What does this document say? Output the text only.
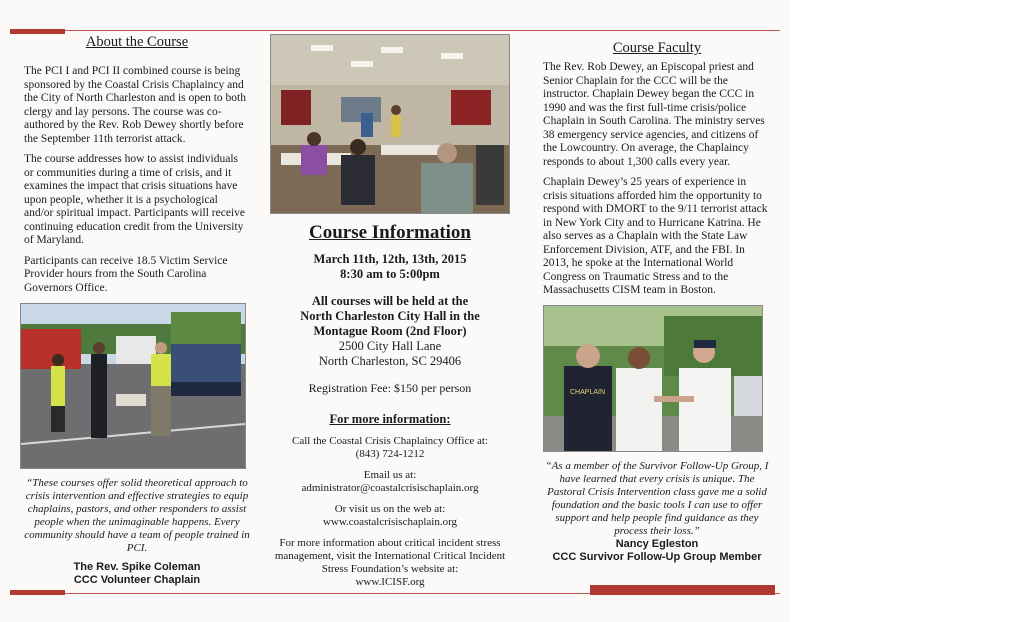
About the Course

The PCI I and PCI II combined course is being sponsored by the Coastal Crisis Chaplaincy and the City of North Charleston and is open to both clergy and lay persons. The course was co-authored by the Rev. Rob Dewey shortly before the September 11th terrorist attack.

The course addresses how to assist individuals or communities during a time of crisis, and it examines the impact that crisis situations have upon people, whether it is a psychological and/or spiritual impact. Participants will receive continuing education credit from the University of Maryland.

Participants can receive 18.5 Victim Service Provider hours from the South Carolina Governors Office.

“These courses offer solid theoretical approach to crisis intervention and effective strategies to equip chaplains, pastors, and other responders to assist people when the unimaginable happens. Every community should have a team of people trained in PCI.
The Rev. Spike Coleman
CCC Volunteer Chaplain
Course Information
March 11th, 12th, 13th, 2015
8:30 am to 5:00pm
All courses will be held at the
North Charleston City Hall in the
Montague Room (2nd Floor)
2500 City Hall Lane
North Charleston, SC 29406
Registration Fee: $150 per person
For more information:
Call the Coastal Crisis Chaplaincy Office at:
(843) 724-1212
Email us at:
administrator@coastalcrisischaplain.org
Or visit us on the web at:
www.coastalcrisischaplain.org
For more information about critical incident stress management, visit the International Critical Incident Stress Foundation’s website at:
www.ICISF.org
Course Faculty

The Rev. Rob Dewey, an Episcopal priest and Senior Chaplain for the CCC will be the instructor. Chaplain Dewey began the CCC in 1990 and was the first full-time crisis/police Chaplain in South Carolina. The ministry serves 38 emergency service agencies, and citizens of the Lowcountry. On average, the Chaplaincy responds to about 1,300 calls every year.

Chaplain Dewey’s 25 years of experience in crisis situations afforded him the opportunity to respond with DMORT to the 9/11 terrorist attack in New York City and to Hurricane Katrina. He also serves as a Chaplain with the State Law Enforcement Division, ATF, and the FBI. In 2013, he spoke at the International World Congress on Traumatic Stress and to the Massachusetts CISM team in Boston.

CHAPLAIN
“As a member of the Survivor Follow-Up Group, I have learned that every crisis is unique. The Pastoral Crisis Intervention class gave me a solid foundation and the basic tools I can use to offer support and help people find guidance as they process their loss.”
Nancy Egleston
CCC Survivor Follow-Up Group Member
